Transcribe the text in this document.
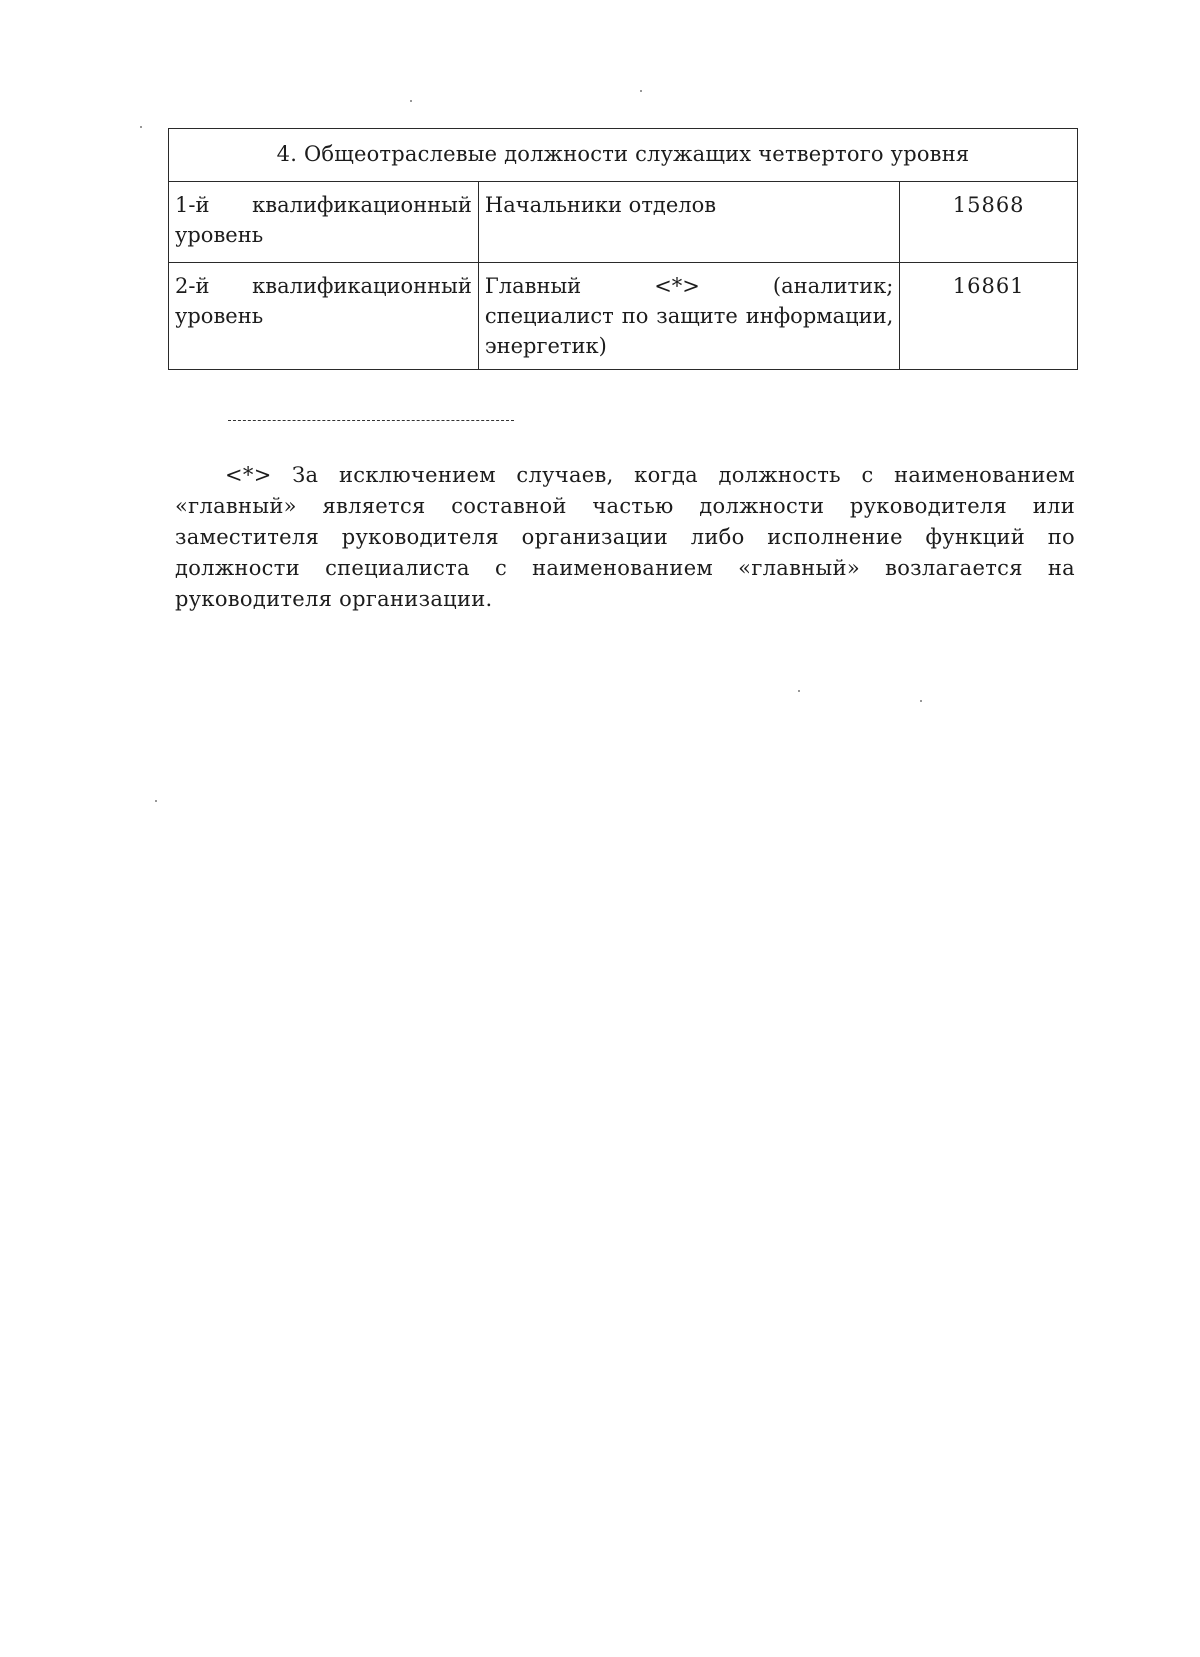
4. Общеотраслевые должности служащих четвертого уровня		
1-й квалификационный уровень	Начальники отделов	15868
2-й квалификационный уровень	Главный <*> (аналитик; специалист по защите информации, энергетик)	16861

<*> За исключением случаев, когда должность с наименованием «главный» является составной частью должности руководителя или заместителя руководителя организации либо исполнение функций по должности специалиста с наименованием «главный» возлагается на руководителя организации.
